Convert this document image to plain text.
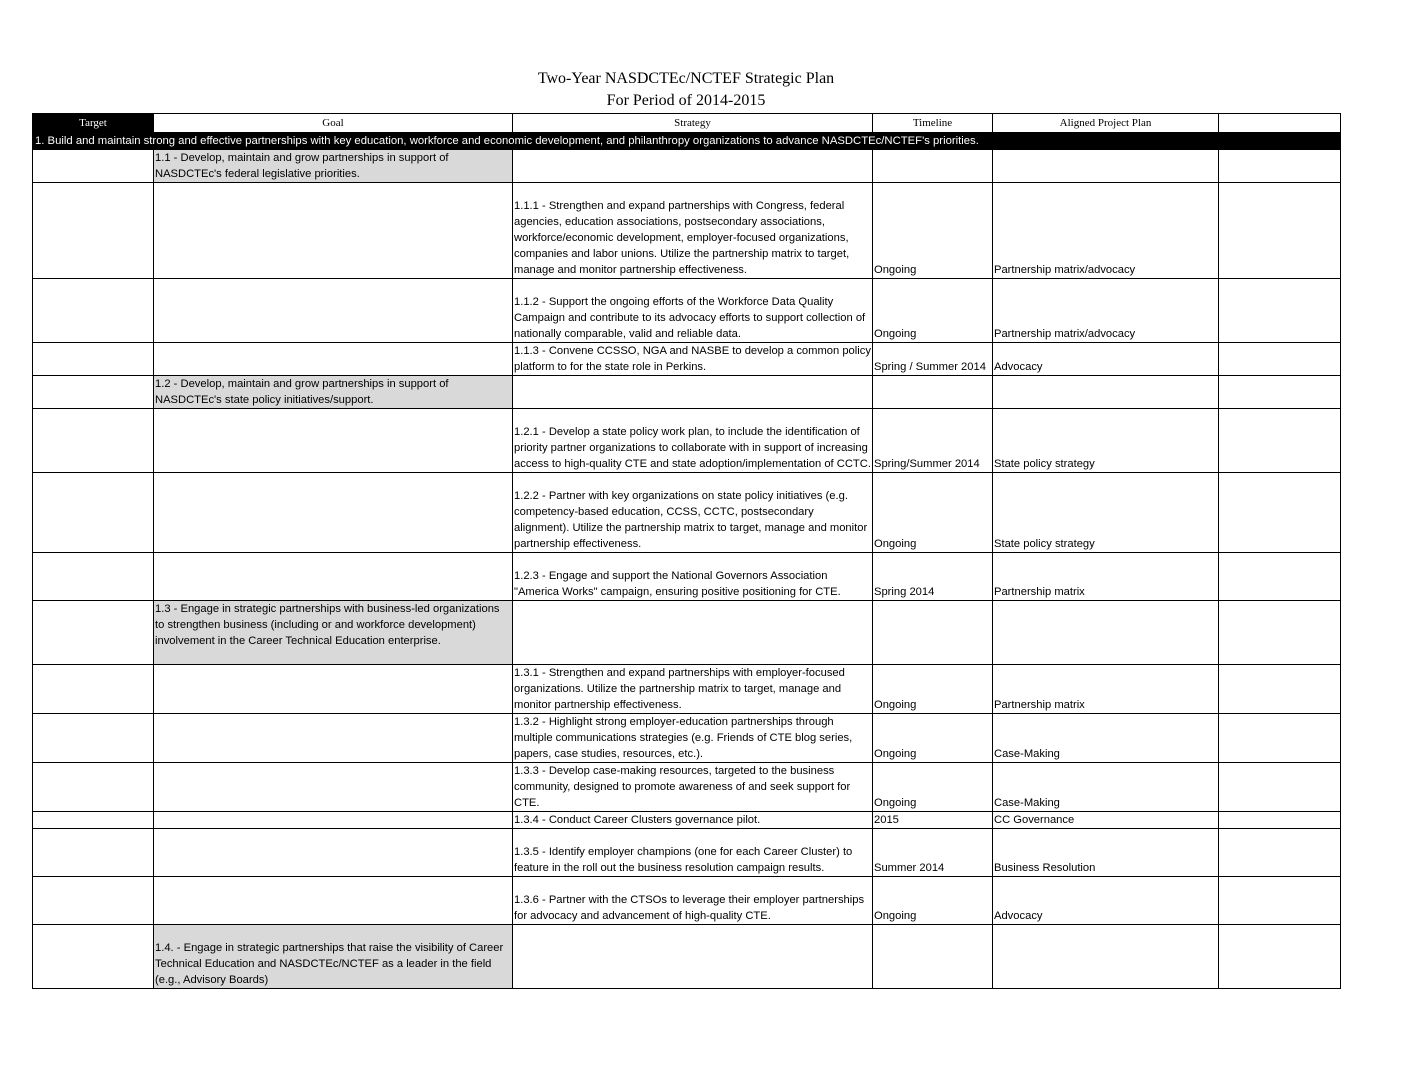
Two-Year NASDCTEc/NCTEF Strategic Plan
For Period of 2014-2015
Target	Goal	Strategy	Timeline	Aligned Project Plan	
1. Build and maintain strong and effective partnerships with key education, workforce and economic development, and philanthropy organizations to advance NASDCTEc/NCTEF's priorities.					
	1.1 - Develop, maintain and grow partnerships in support of NASDCTEc's federal legislative priorities.				
		1.1.1 - Strengthen and expand partnerships with Congress, federal agencies, education associations, postsecondary associations, workforce/economic development, employer-focused organizations, companies and labor unions. Utilize the partnership matrix to target, manage and monitor partnership effectiveness.	Ongoing	Partnership matrix/advocacy	
		1.1.2 - Support the ongoing efforts of the Workforce Data Quality Campaign and contribute to its advocacy efforts to support collection of nationally comparable, valid and reliable data.	Ongoing	Partnership matrix/advocacy	
		1.1.3 - Convene CCSSO, NGA and NASBE to develop a common policy platform to for the state role in Perkins.	Spring / Summer 2014	Advocacy	
	1.2 - Develop, maintain and grow partnerships in support of NASDCTEc's state policy initiatives/support.				
		1.2.1 - Develop a state policy work plan, to include the identification of priority partner organizations to collaborate with in support of increasing access to high-quality CTE and state adoption/implementation of CCTC.	Spring/Summer 2014	State policy strategy	
		1.2.2 - Partner with key organizations on state policy initiatives (e.g. competency-based education, CCSS, CCTC, postsecondary alignment). Utilize the partnership matrix to target, manage and monitor partnership effectiveness.	Ongoing	State policy strategy	
		1.2.3 - Engage and support the National Governors Association "America Works" campaign, ensuring positive positioning for CTE.	Spring 2014	Partnership matrix	
	1.3 - Engage in strategic partnerships with business-led organizations to strengthen business (including or and workforce development) involvement in the Career Technical Education enterprise.				
		1.3.1 - Strengthen and expand partnerships with employer-focused organizations. Utilize the partnership matrix to target, manage and monitor partnership effectiveness.	Ongoing	Partnership matrix	
		1.3.2 - Highlight strong employer-education partnerships through multiple communications strategies (e.g. Friends of CTE blog series, papers, case studies, resources, etc.).	Ongoing	Case-Making	
		1.3.3 - Develop case-making resources, targeted to the business community, designed to promote awareness of and seek support for CTE.	Ongoing	Case-Making	
		1.3.4 - Conduct Career Clusters governance pilot.	2015	CC Governance	
		1.3.5 - Identify employer champions (one for each Career Cluster) to feature in the roll out the business resolution campaign results.	Summer 2014	Business Resolution	
		1.3.6 - Partner with the CTSOs to leverage their employer partnerships for advocacy and advancement of high-quality CTE.	Ongoing	Advocacy	
	1.4. - Engage in strategic partnerships that raise the visibility of Career Technical Education and NASDCTEc/NCTEF as a leader in the field (e.g., Advisory Boards)				
